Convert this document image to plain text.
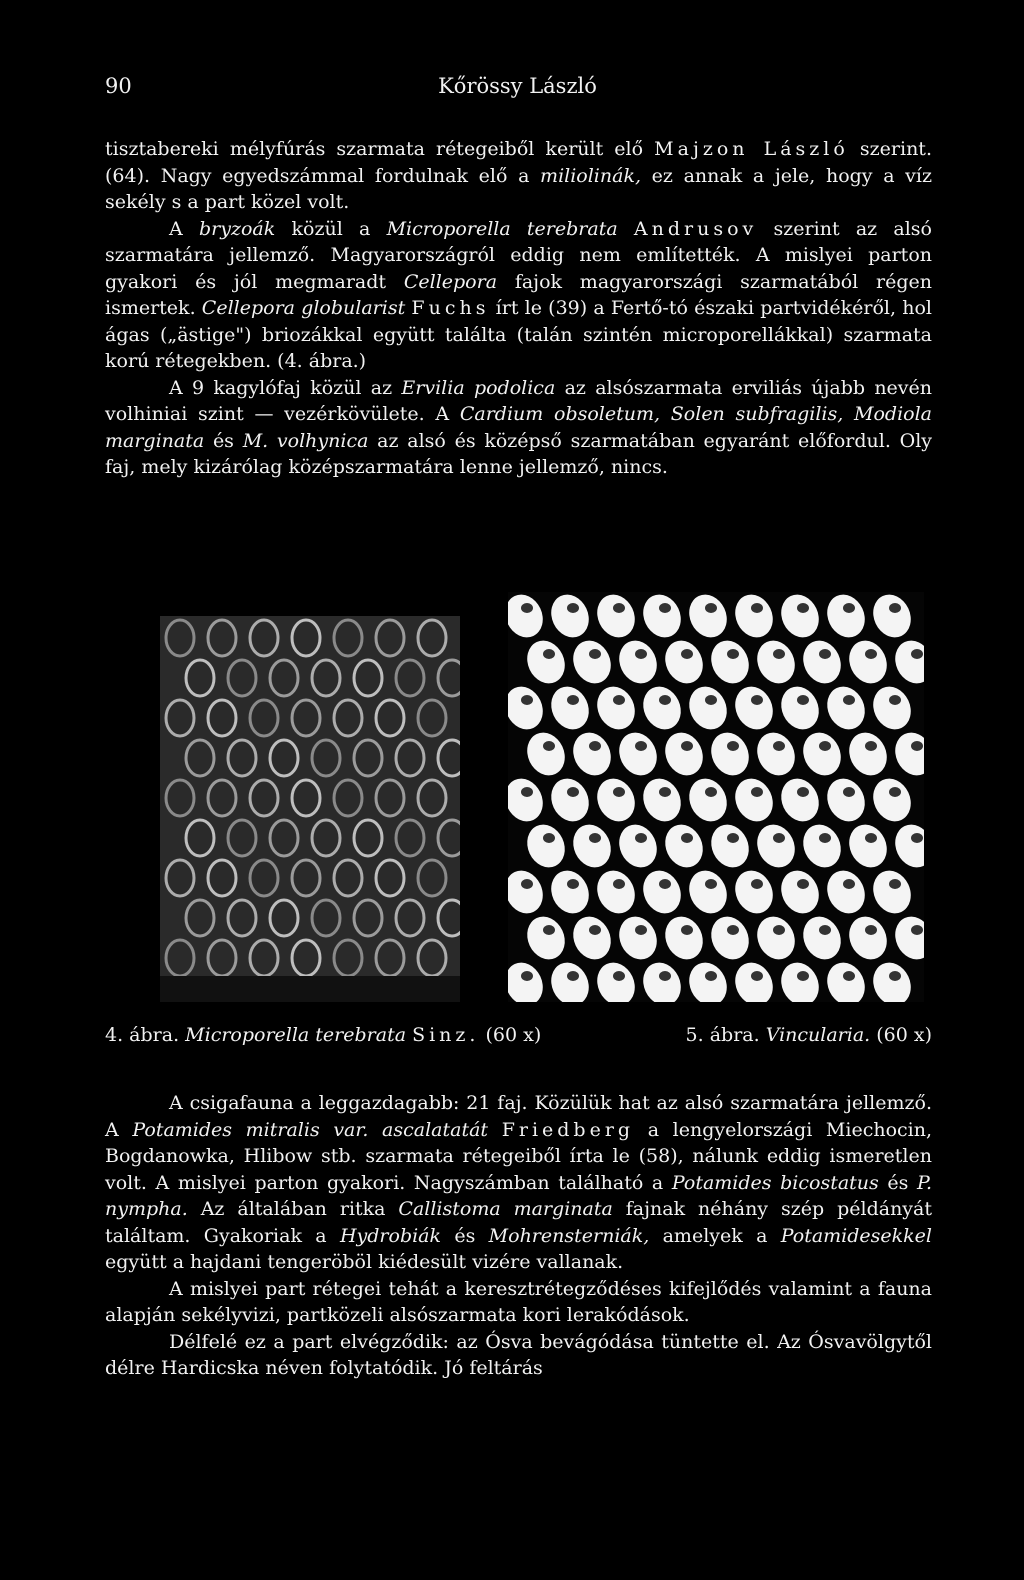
90	Kőrössy László

tisztabereki mélyfúrás szarmata rétegeiből került elő Majzon László szerint. (64). Nagy egyedszámmal fordulnak elő a miliolinák, ez annak a jele, hogy a víz sekély s a part közel volt.

A bryzoák közül a Microporella terebrata Andrusov szerint az alsó szarmatára jellemző. Magyarországról eddig nem említették. A mislyei parton gyakori és jól megmaradt Cellepora fajok magyarországi szarmatából régen ismertek. Cellepora globularist Fuchs írt le (39) a Fertő-tó északi partvidékéről, hol ágas („ästige") briozákkal együtt találta (talán szintén microporellákkal) szarmata korú rétegekben. (4. ábra.)

A 9 kagylófaj közül az Ervilia podolica az alsószarmata erviliás újabb nevén volhiniai szint — vezérkövülete. A Cardium obsoletum, Solen subfragilis, Modiola marginata és M. volhynica az alsó és középső szarmatában egyaránt előfordul. Oly faj, mely kizárólag középszarmatára lenne jellemző, nincs.

4. ábra. Microporella terebrata Sinz. (60 x)	5. ábra. Vincularia. (60 x)

A csigafauna a leggazdagabb: 21 faj. Közülük hat az alsó szarmatára jellemző. A Potamides mitralis var. ascalatatát Friedberg a lengyelországi Miechocin, Bogdanowka, Hlibow stb. szarmata rétegeiből írta le (58), nálunk eddig ismeretlen volt. A mislyei parton gyakori. Nagyszámban található a Potamides bicostatus és P. nympha. Az általában ritka Callistoma marginata fajnak néhány szép példányát találtam. Gyakoriak a Hydrobiák és Mohrensterniák, amelyek a Potamidesekkel együtt a hajdani tengeröböl kiédesült vizére vallanak.

A mislyei part rétegei tehát a keresztrétegződéses kifejlődés valamint a fauna alapján sekélyvizi, partközeli alsószarmata kori lerakódások.

Délfelé ez a part elvégződik: az Ósva bevágódása tüntette el. Az Ósvavölgytől délre Hardicska néven folytatódik. Jó feltárás
